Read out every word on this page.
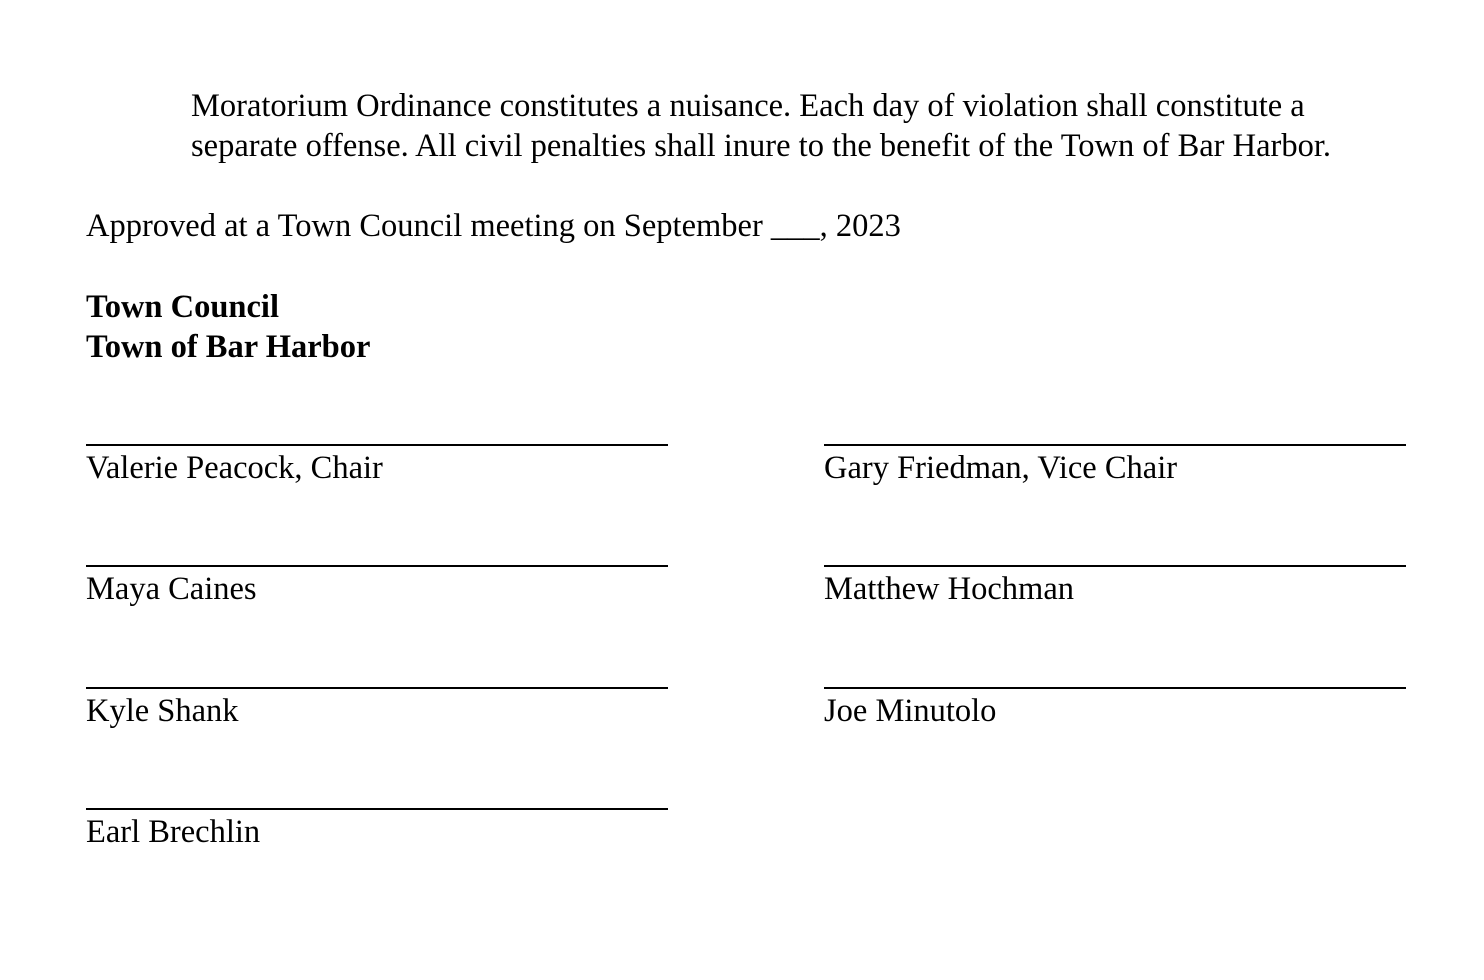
Moratorium Ordinance constitutes a nuisance. Each day of violation shall constitute a
separate offense. All civil penalties shall inure to the benefit of the Town of Bar Harbor.
Approved at a Town Council meeting on September ___, 2023
Town Council
Town of Bar Harbor
Valerie Peacock, Chair
Maya Caines
Kyle Shank
Earl Brechlin
Gary Friedman, Vice Chair
Matthew Hochman
Joe Minutolo
